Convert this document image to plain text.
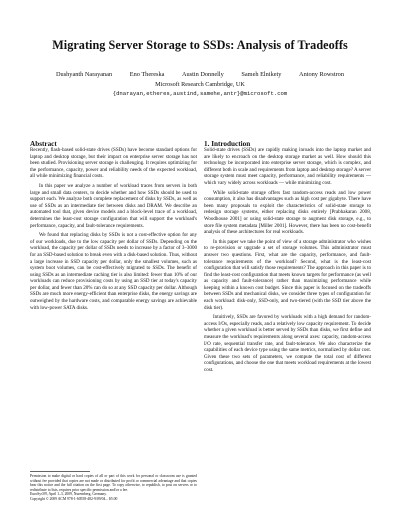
Migrating Server Storage to SSDs: Analysis of Tradeoffs
Dushyanth Narayanan	Eno Thereska	Austin Donnelly	Sameh Elnikety	Antony Rowstron
Microsoft Research Cambridge, UK
{dnarayan,etheres,austind,samehe,antr}@microsoft.com
Abstract

Recently, flash-based solid-state drives (SSDs) have become standard options for laptop and desktop storage, but their impact on enterprise server storage has not been studied. Provisioning server storage is challenging. It requires optimizing for the performance, capacity, power and reliability needs of the expected workload, all while minimizing financial costs.

In this paper we analyze a number of workload traces from servers in both large and small data centers, to decide whether and how SSDs should be used to support each. We analyze both complete replacement of disks by SSDs, as well as use of SSDs as an intermediate tier between disks and DRAM. We describe an automated tool that, given device models and a block-level trace of a workload, determines the least-cost storage configuration that will support the workload's performance, capacity, and fault-tolerance requirements.

We found that replacing disks by SSDs is not a cost-effective option for any of our workloads, due to the low capacity per dollar of SSDs. Depending on the workload, the capacity per dollar of SSDs needs to increase by a factor of 3–3000 for an SSD-based solution to break even with a disk-based solution. Thus, without a large increase in SSD capacity per dollar, only the smallest volumes, such as system boot volumes, can be cost-effectively migrated to SSDs. The benefit of using SSDs as an intermediate caching tier is also limited: fewer than 10% of our workloads can reduce provisioning costs by using an SSD tier at today's capacity per dollar, and fewer than 20% can do so at any SSD capacity per dollar. Although SSDs are much more energy-efficient than enterprise disks, the energy savings are outweighed by the hardware costs, and comparable energy savings are achievable with low-power SATA disks.

Permission to make digital or hard copies of all or part of this work for personal or classroom use is granted without fee provided that copies are not made or distributed for profit or commercial advantage and that copies bear this notice and the full citation on the first page. To copy otherwise, to republish, to post on servers or to redistribute to lists, requires prior specific permission and/or a fee.
EuroSys'09, April 1–3, 2009, Nuremberg, Germany.
Copyright © 2009 ACM 978-1-60558-482-9/09/04... $5.00
1. Introduction

Solid-state drives (SSDs) are rapidly making inroads into the laptop market and are likely to encroach on the desktop storage market as well. How should this technology be incorporated into enterprise server storage, which is complex, and different both in scale and requirements from laptop and desktop storage? A server storage system must meet capacity, performance, and reliability requirements — which vary widely across workloads — while minimizing cost.

While solid-state storage offers fast random-access reads and low power consumption, it also has disadvantages such as high cost per gigabyte. There have been many proposals to exploit the characteristics of solid-state storage to redesign storage systems, either replacing disks entirely [Prabhakaran 2008, Woodhouse 2001] or using solid-state storage to augment disk storage, e.g., to store file system metadata [Miller 2001]. However, there has been no cost-benefit analysis of these architectures for real workloads.

In this paper we take the point of view of a storage administrator who wishes to re-provision or upgrade a set of storage volumes. This administrator must answer two questions. First, what are the capacity, performance, and fault-tolerance requirements of the workload? Second, what is the least-cost configuration that will satisfy those requirements? The approach in this paper is to find the least-cost configuration that meets known targets for performance (as well as capacity and fault-tolerance) rather than maximizing performance while keeping within a known cost budget. Since this paper is focused on the tradeoffs between SSDs and mechanical disks, we consider three types of configuration for each workload: disk-only, SSD-only, and two-tiered (with the SSD tier above the disk tier).

Intuitively, SSDs are favored by workloads with a high demand for random-access I/Os, especially reads, and a relatively low capacity requirement. To decide whether a given workload is better served by SSDs than disks, we first define and measure the workload's requirements along several axes: capacity, random-access I/O rate, sequential transfer rate, and fault-tolerance. We also characterize the capabilities of each device type using the same metrics, normalized by dollar cost. Given these two sets of parameters, we compute the total cost of different configurations, and choose the one that meets workload requirements at the lowest cost.
